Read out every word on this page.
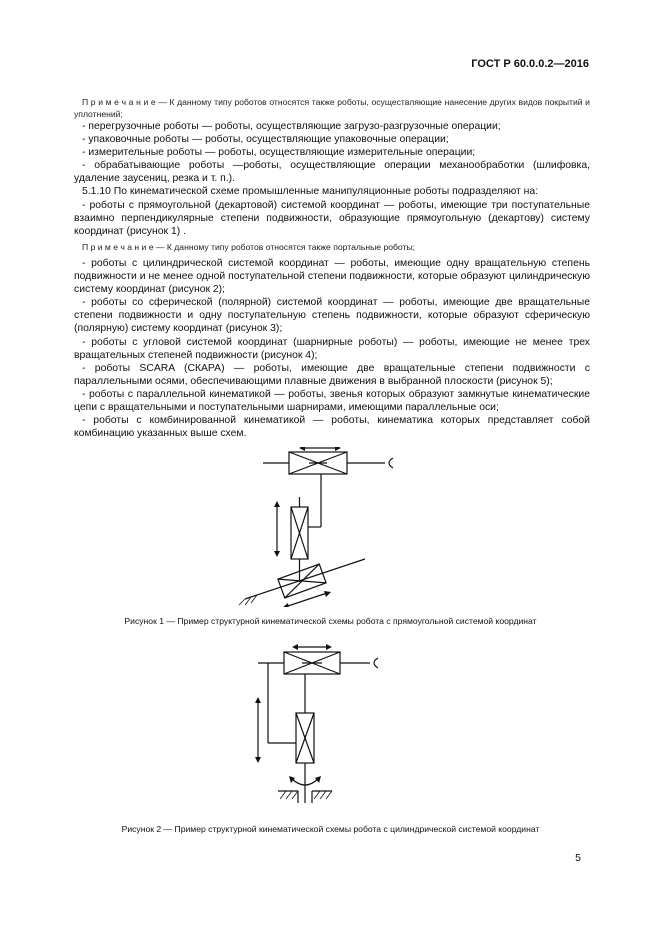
ГОСТ Р 60.0.0.2—2016

П р и м е ч а н и е — К данному типу роботов относятся также роботы, осуществляющие нанесение других видов покрытий и уплотнений;

- перегрузочные роботы — роботы, осуществляющие загрузо-разгрузочные операции;

- упаковочные роботы — роботы, осуществляющие упаковочные операции;

- измерительные роботы — роботы, осуществляющие измерительные операции;

- обрабатывающие роботы —роботы, осуществляющие операции механообработки (шлифовка, удаление заусениц, резка и т. п.).

5.1.10 По кинематической схеме промышленные манипуляционные роботы подразделяют на:

- роботы с прямоугольной (декартовой) системой координат — роботы, имеющие три поступательные взаимно перпендикулярные степени подвижности, образующие прямоугольную (декартову) систему координат (рисунок 1) .

П р и м е ч а н и е — К данному типу роботов относятся также портальные роботы;

- роботы с цилиндрической системой координат — роботы, имеющие одну вращательную степень подвижности и не менее одной поступательной степени подвижности, которые образуют цилиндрическую систему координат (рисунок 2);

- роботы со сферической (полярной) системой координат — роботы, имеющие две вращательные степени подвижности и одну поступательную степень подвижности, которые образуют сферическую (полярную) систему координат (рисунок 3);

- роботы с угловой системой координат (шарнирные роботы) — роботы, имеющие не менее трех вращательных степеней подвижности (рисунок 4);

- роботы SCARA (СКАРА) — роботы, имеющие две вращательные степени подвижности с параллельными осями, обеспечивающими плавные движения в выбранной плоскости (рисунок 5);

- роботы с параллельной кинематикой — роботы, звенья которых образуют замкнутые кинематические цепи с вращательными и поступательными шарнирами, имеющими параллельные оси;

- роботы с комбинированной кинематикой — роботы, кинематика которых представляет собой комбинацию указанных выше схем.

Рисунок 1 — Пример структурной кинематической схемы робота с прямоугольной системой координат
Рисунок 2 — Пример структурной кинематической схемы робота с цилиндрической системой координат
5
